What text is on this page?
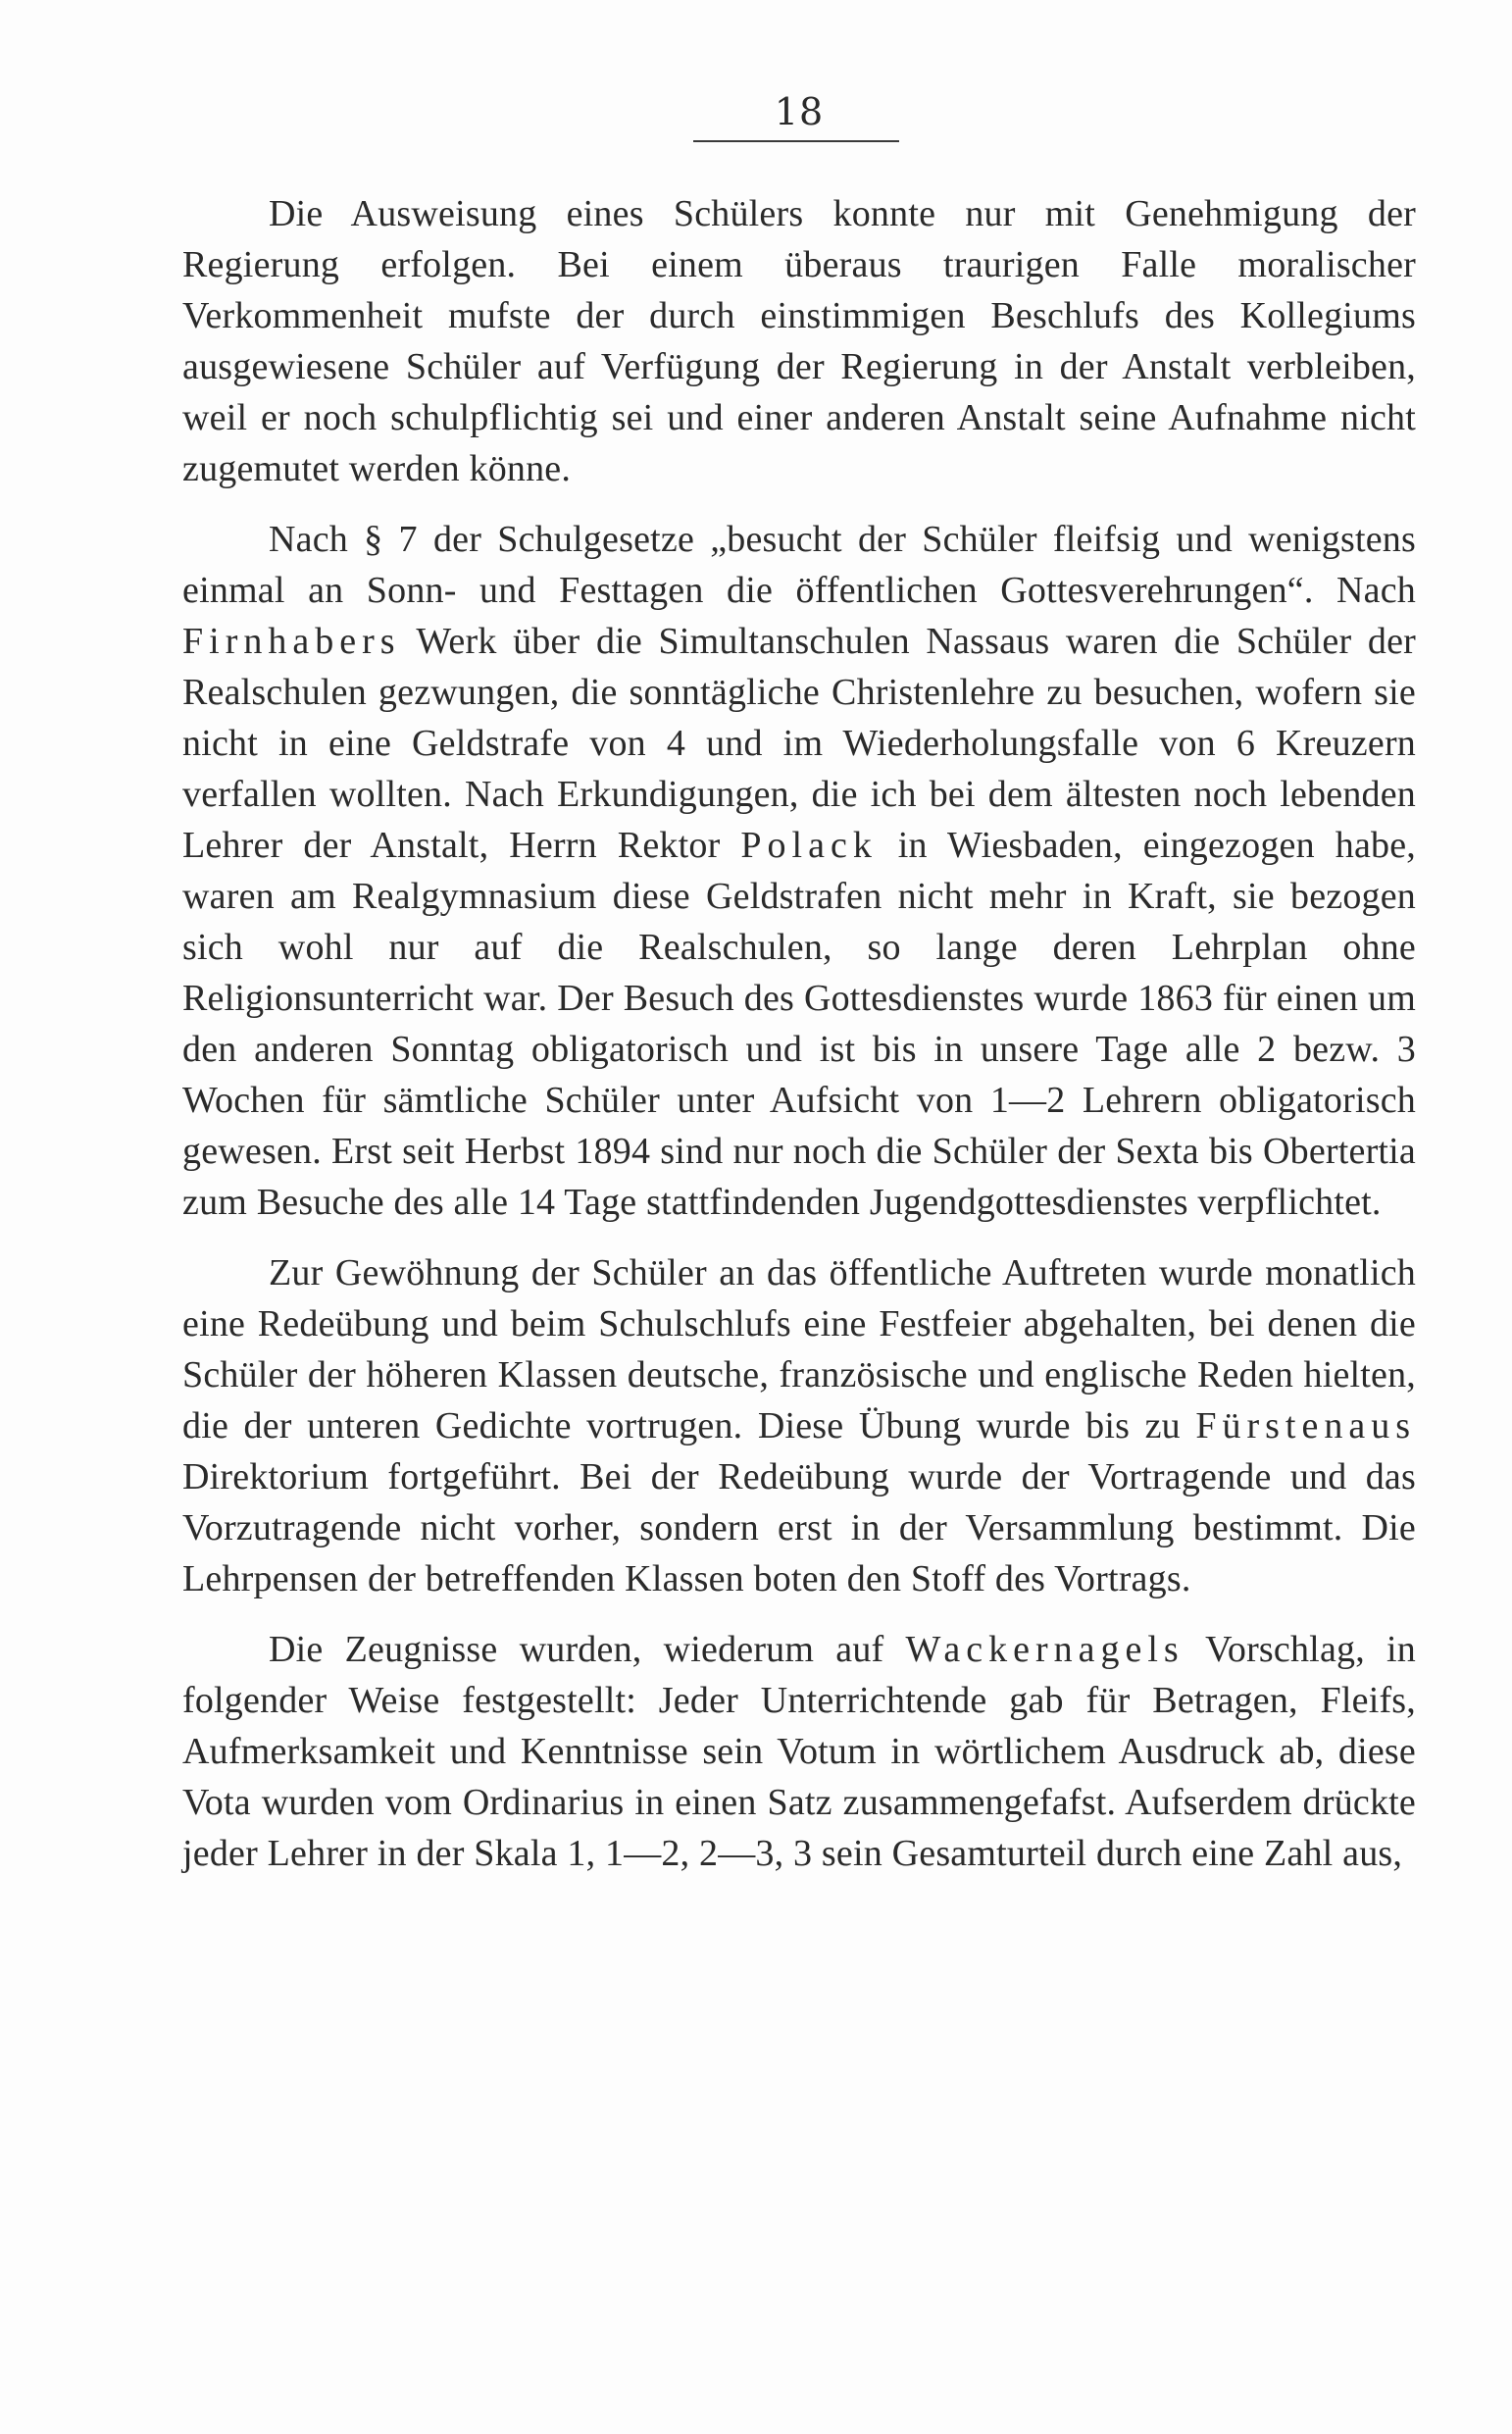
18

Die Ausweisung eines Schülers konnte nur mit Genehmigung der Regierung erfolgen. Bei einem überaus traurigen Falle moralischer Verkommenheit mufste der durch einstimmigen Beschlufs des Kollegiums ausgewiesene Schüler auf Verfügung der Regierung in der Anstalt verbleiben, weil er noch schulpflichtig sei und einer anderen Anstalt seine Aufnahme nicht zugemutet werden könne.

Nach § 7 der Schulgesetze „besucht der Schüler fleifsig und wenigstens einmal an Sonn- und Festtagen die öffentlichen Gottesverehrungen“. Nach Firnhabers Werk über die Simultanschulen Nassaus waren die Schüler der Realschulen gezwungen, die sonntägliche Christenlehre zu besuchen, wofern sie nicht in eine Geldstrafe von 4 und im Wiederholungsfalle von 6 Kreuzern verfallen wollten. Nach Erkundigungen, die ich bei dem ältesten noch lebenden Lehrer der Anstalt, Herrn Rektor Polack in Wiesbaden, eingezogen habe, waren am Realgymnasium diese Geldstrafen nicht mehr in Kraft, sie bezogen sich wohl nur auf die Realschulen, so lange deren Lehrplan ohne Religionsunterricht war. Der Besuch des Gottesdienstes wurde 1863 für einen um den anderen Sonntag obligatorisch und ist bis in unsere Tage alle 2 bezw. 3 Wochen für sämtliche Schüler unter Aufsicht von 1—2 Lehrern obligatorisch gewesen. Erst seit Herbst 1894 sind nur noch die Schüler der Sexta bis Obertertia zum Besuche des alle 14 Tage stattfindenden Jugendgottesdienstes verpflichtet.

Zur Gewöhnung der Schüler an das öffentliche Auftreten wurde monatlich eine Redeübung und beim Schulschlufs eine Festfeier abgehalten, bei denen die Schüler der höheren Klassen deutsche, französische und englische Reden hielten, die der unteren Gedichte vortrugen. Diese Übung wurde bis zu Fürstenaus Direktorium fortgeführt. Bei der Redeübung wurde der Vortragende und das Vorzutragende nicht vorher, sondern erst in der Versammlung bestimmt. Die Lehrpensen der betreffenden Klassen boten den Stoff des Vortrags.

Die Zeugnisse wurden, wiederum auf Wackernagels Vorschlag, in folgender Weise festgestellt: Jeder Unterrichtende gab für Betragen, Fleifs, Aufmerksamkeit und Kenntnisse sein Votum in wörtlichem Ausdruck ab, diese Vota wurden vom Ordinarius in einen Satz zusammengefafst. Aufserdem drückte jeder Lehrer in der Skala 1, 1—2, 2—3, 3 sein Gesamturteil durch eine Zahl aus,
